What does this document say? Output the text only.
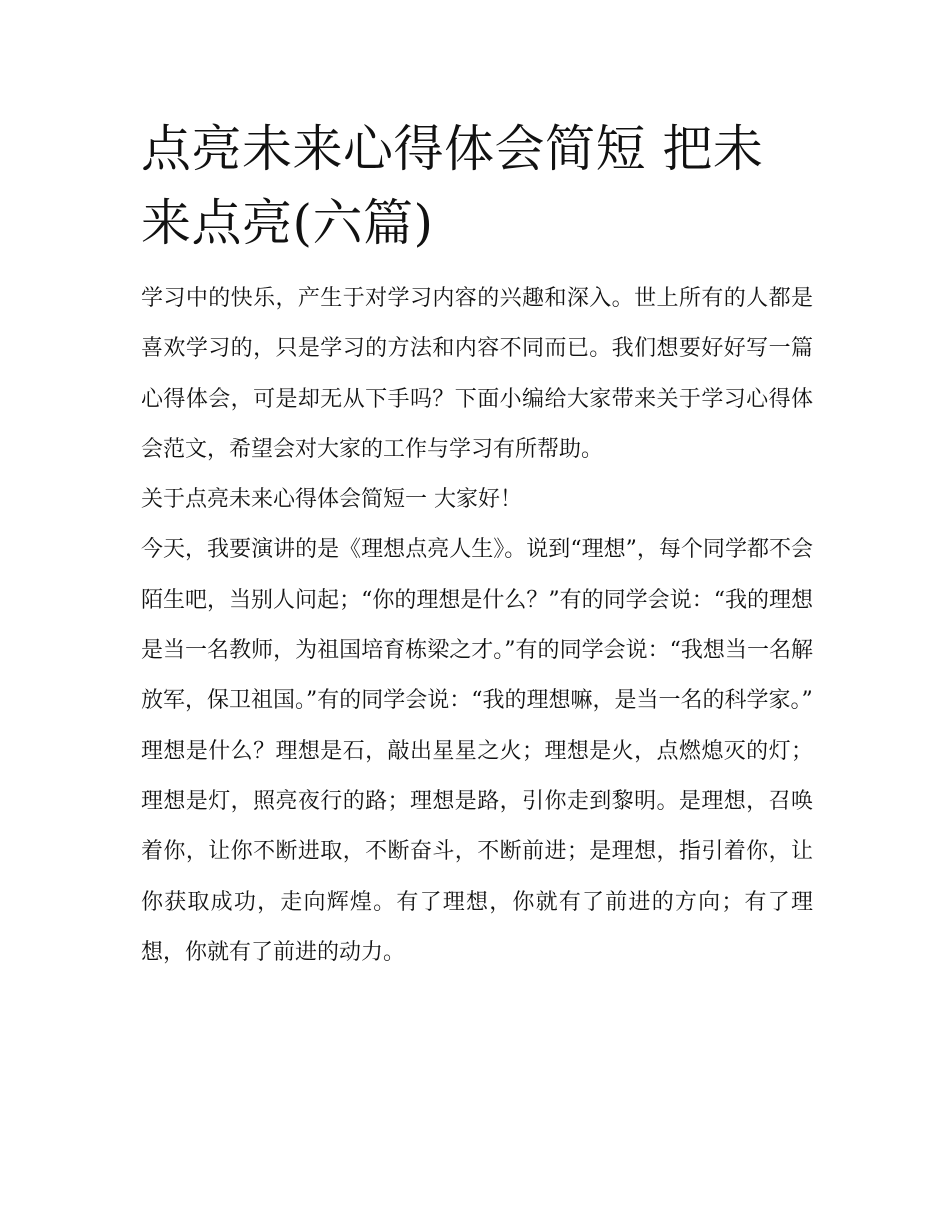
点亮未来心得体会简短 把未来点亮(六篇)

学习中的快乐，产生于对学习内容的兴趣和深入。世上所有的人都是喜欢学习的，只是学习的方法和内容不同而已。我们想要好好写一篇心得体会，可是却无从下手吗？下面小编给大家带来关于学习心得体会范文，希望会对大家的工作与学习有所帮助。

关于点亮未来心得体会简短一 大家好！

今天，我要演讲的是《理想点亮人生》。说到“理想”，每个同学都不会陌生吧，当别人问起；“你的理想是什么？”有的同学会说：“我的理想是当一名教师，为祖国培育栋梁之才。”有的同学会说：“我想当一名解放军，保卫祖国。”有的同学会说：“我的理想嘛，是当一名的科学家。”

理想是什么？理想是石，敲出星星之火；理想是火，点燃熄灭的灯；理想是灯，照亮夜行的路；理想是路，引你走到黎明。是理想，召唤着你，让你不断进取，不断奋斗，不断前进；是理想，指引着你，让你获取成功，走向辉煌。有了理想，你就有了前进的方向；有了理想，你就有了前进的动力。
